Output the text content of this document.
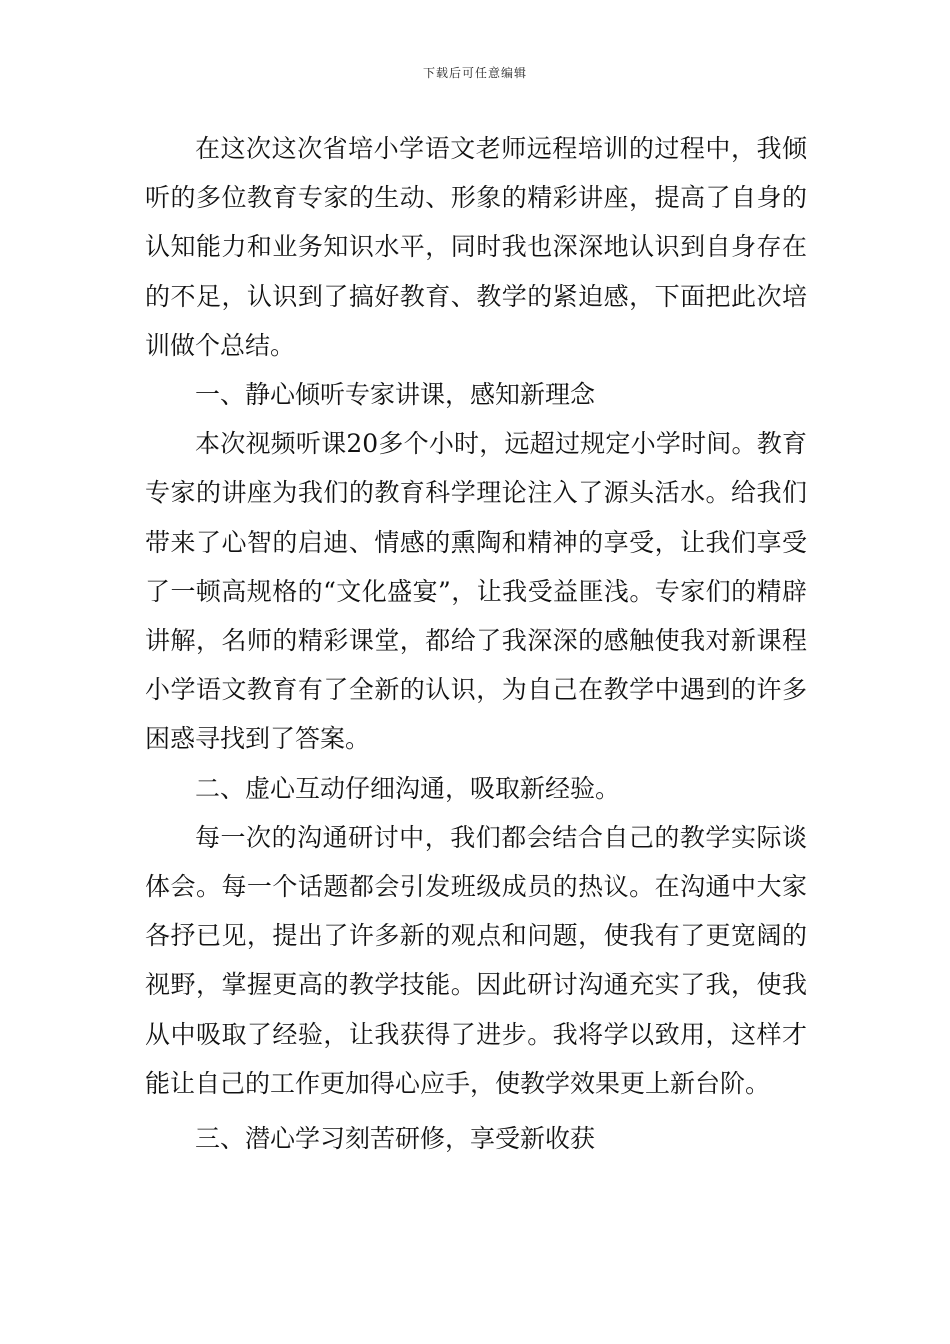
下载后可任意编辑

在这次这次省培小学语文老师远程培训的过程中，我倾听的多位教育专家的生动、形象的精彩讲座，提高了自身的认知能力和业务知识水平，同时我也深深地认识到自身存在的不足，认识到了搞好教育、教学的紧迫感，下面把此次培训做个总结。

一、静心倾听专家讲课，感知新理念

本次视频听课20多个小时，远超过规定小学时间。教育专家的讲座为我们的教育科学理论注入了源头活水。给我们带来了心智的启迪、情感的熏陶和精神的享受，让我们享受了一顿高规格的“文化盛宴”，让我受益匪浅。专家们的精辟讲解，名师的精彩课堂，都给了我深深的感触使我对新课程小学语文教育有了全新的认识，为自己在教学中遇到的许多困惑寻找到了答案。

二、虚心互动仔细沟通，吸取新经验。

每一次的沟通研讨中，我们都会结合自己的教学实际谈体会。每一个话题都会引发班级成员的热议。在沟通中大家各抒已见，提出了许多新的观点和问题，使我有了更宽阔的视野，掌握更高的教学技能。因此研讨沟通充实了我，使我从中吸取了经验，让我获得了进步。我将学以致用，这样才能让自己的工作更加得心应手，使教学效果更上新台阶。

三、潜心学习刻苦研修，享受新收获
